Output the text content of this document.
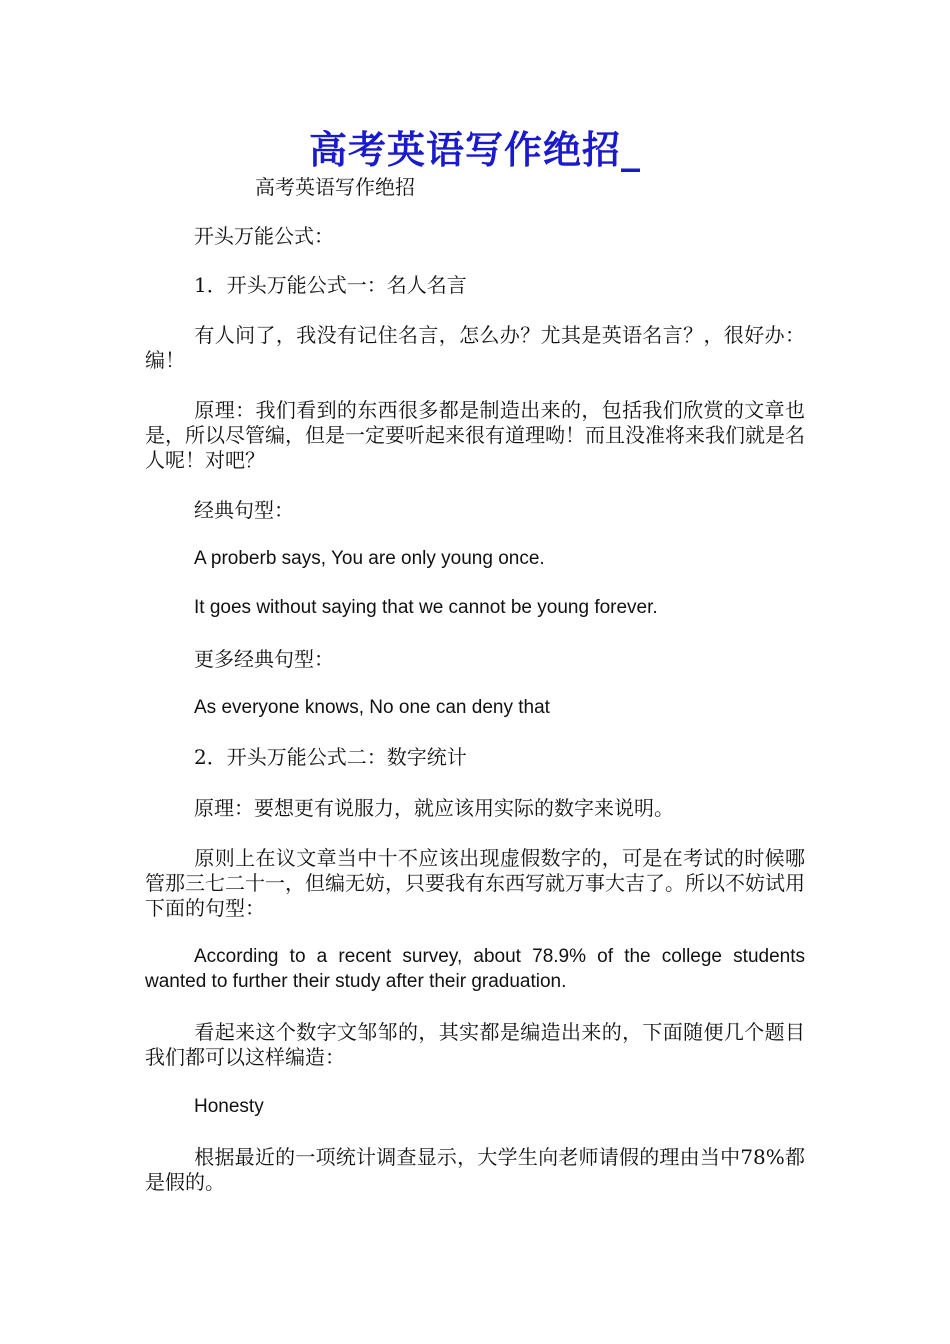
高考英语写作绝招_
高考英语写作绝招
开头万能公式：
1．开头万能公式一：名人名言
有人问了，我没有记住名言，怎么办？尤其是英语名言？，很好办：编！
原理：我们看到的东西很多都是制造出来的，包括我们欣赏的文章也是，所以尽管编，但是一定要听起来很有道理呦！而且没准将来我们就是名人呢！对吧？
经典句型：
A proberb says, You are only young once.
It goes without saying that we cannot be young forever.
更多经典句型：
As everyone knows, No one can deny that
2．开头万能公式二：数字统计
原理：要想更有说服力，就应该用实际的数字来说明。
原则上在议文章当中十不应该出现虚假数字的，可是在考试的时候哪管那三七二十一，但编无妨，只要我有东西写就万事大吉了。所以不妨试用下面的句型：
According to a recent survey, about 78.9% of the college students wanted to further their study after their graduation.
看起来这个数字文邹邹的，其实都是编造出来的，下面随便几个题目我们都可以这样编造：
Honesty
根据最近的一项统计调查显示，大学生向老师请假的理由当中78%都是假的。
